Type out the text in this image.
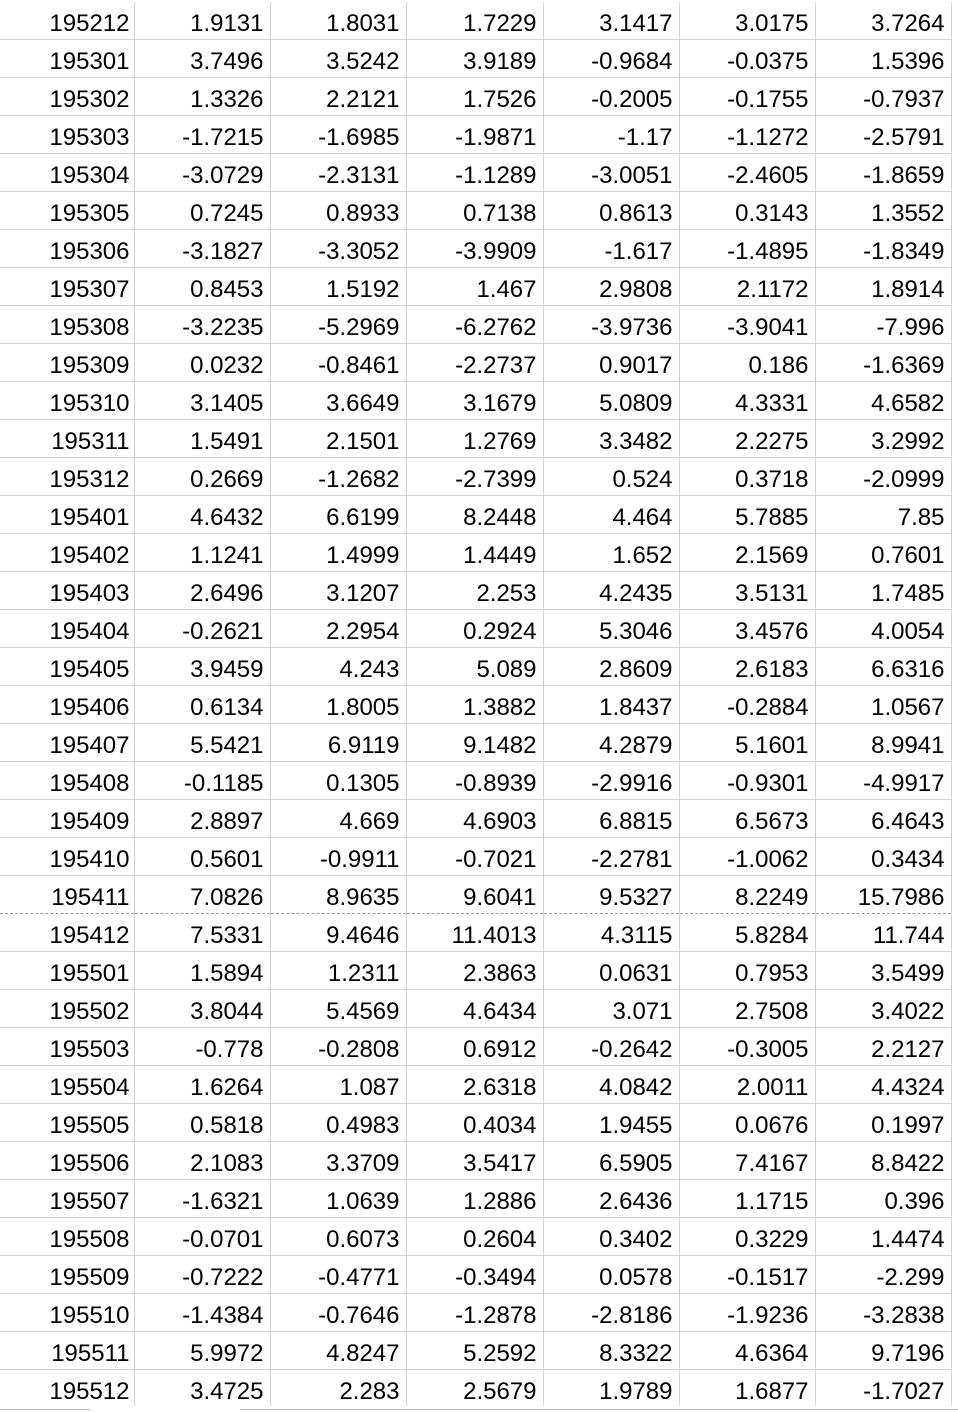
195212	1.9131	1.8031	1.7229	3.1417	3.0175	3.7264
195301	3.7496	3.5242	3.9189	-0.9684	-0.0375	1.5396
195302	1.3326	2.2121	1.7526	-0.2005	-0.1755	-0.7937
195303	-1.7215	-1.6985	-1.9871	-1.17	-1.1272	-2.5791
195304	-3.0729	-2.3131	-1.1289	-3.0051	-2.4605	-1.8659
195305	0.7245	0.8933	0.7138	0.8613	0.3143	1.3552
195306	-3.1827	-3.3052	-3.9909	-1.617	-1.4895	-1.8349
195307	0.8453	1.5192	1.467	2.9808	2.1172	1.8914
195308	-3.2235	-5.2969	-6.2762	-3.9736	-3.9041	-7.996
195309	0.0232	-0.8461	-2.2737	0.9017	0.186	-1.6369
195310	3.1405	3.6649	3.1679	5.0809	4.3331	4.6582
195311	1.5491	2.1501	1.2769	3.3482	2.2275	3.2992
195312	0.2669	-1.2682	-2.7399	0.524	0.3718	-2.0999
195401	4.6432	6.6199	8.2448	4.464	5.7885	7.85
195402	1.1241	1.4999	1.4449	1.652	2.1569	0.7601
195403	2.6496	3.1207	2.253	4.2435	3.5131	1.7485
195404	-0.2621	2.2954	0.2924	5.3046	3.4576	4.0054
195405	3.9459	4.243	5.089	2.8609	2.6183	6.6316
195406	0.6134	1.8005	1.3882	1.8437	-0.2884	1.0567
195407	5.5421	6.9119	9.1482	4.2879	5.1601	8.9941
195408	-0.1185	0.1305	-0.8939	-2.9916	-0.9301	-4.9917
195409	2.8897	4.669	4.6903	6.8815	6.5673	6.4643
195410	0.5601	-0.9911	-0.7021	-2.2781	-1.0062	0.3434
195411	7.0826	8.9635	9.6041	9.5327	8.2249	15.7986
195412	7.5331	9.4646	11.4013	4.3115	5.8284	11.744
195501	1.5894	1.2311	2.3863	0.0631	0.7953	3.5499
195502	3.8044	5.4569	4.6434	3.071	2.7508	3.4022
195503	-0.778	-0.2808	0.6912	-0.2642	-0.3005	2.2127
195504	1.6264	1.087	2.6318	4.0842	2.0011	4.4324
195505	0.5818	0.4983	0.4034	1.9455	0.0676	0.1997
195506	2.1083	3.3709	3.5417	6.5905	7.4167	8.8422
195507	-1.6321	1.0639	1.2886	2.6436	1.1715	0.396
195508	-0.0701	0.6073	0.2604	0.3402	0.3229	1.4474
195509	-0.7222	-0.4771	-0.3494	0.0578	-0.1517	-2.299
195510	-1.4384	-0.7646	-1.2878	-2.8186	-1.9236	-3.2838
195511	5.9972	4.8247	5.2592	8.3322	4.6364	9.7196
195512	3.4725	2.283	2.5679	1.9789	1.6877	-1.7027
